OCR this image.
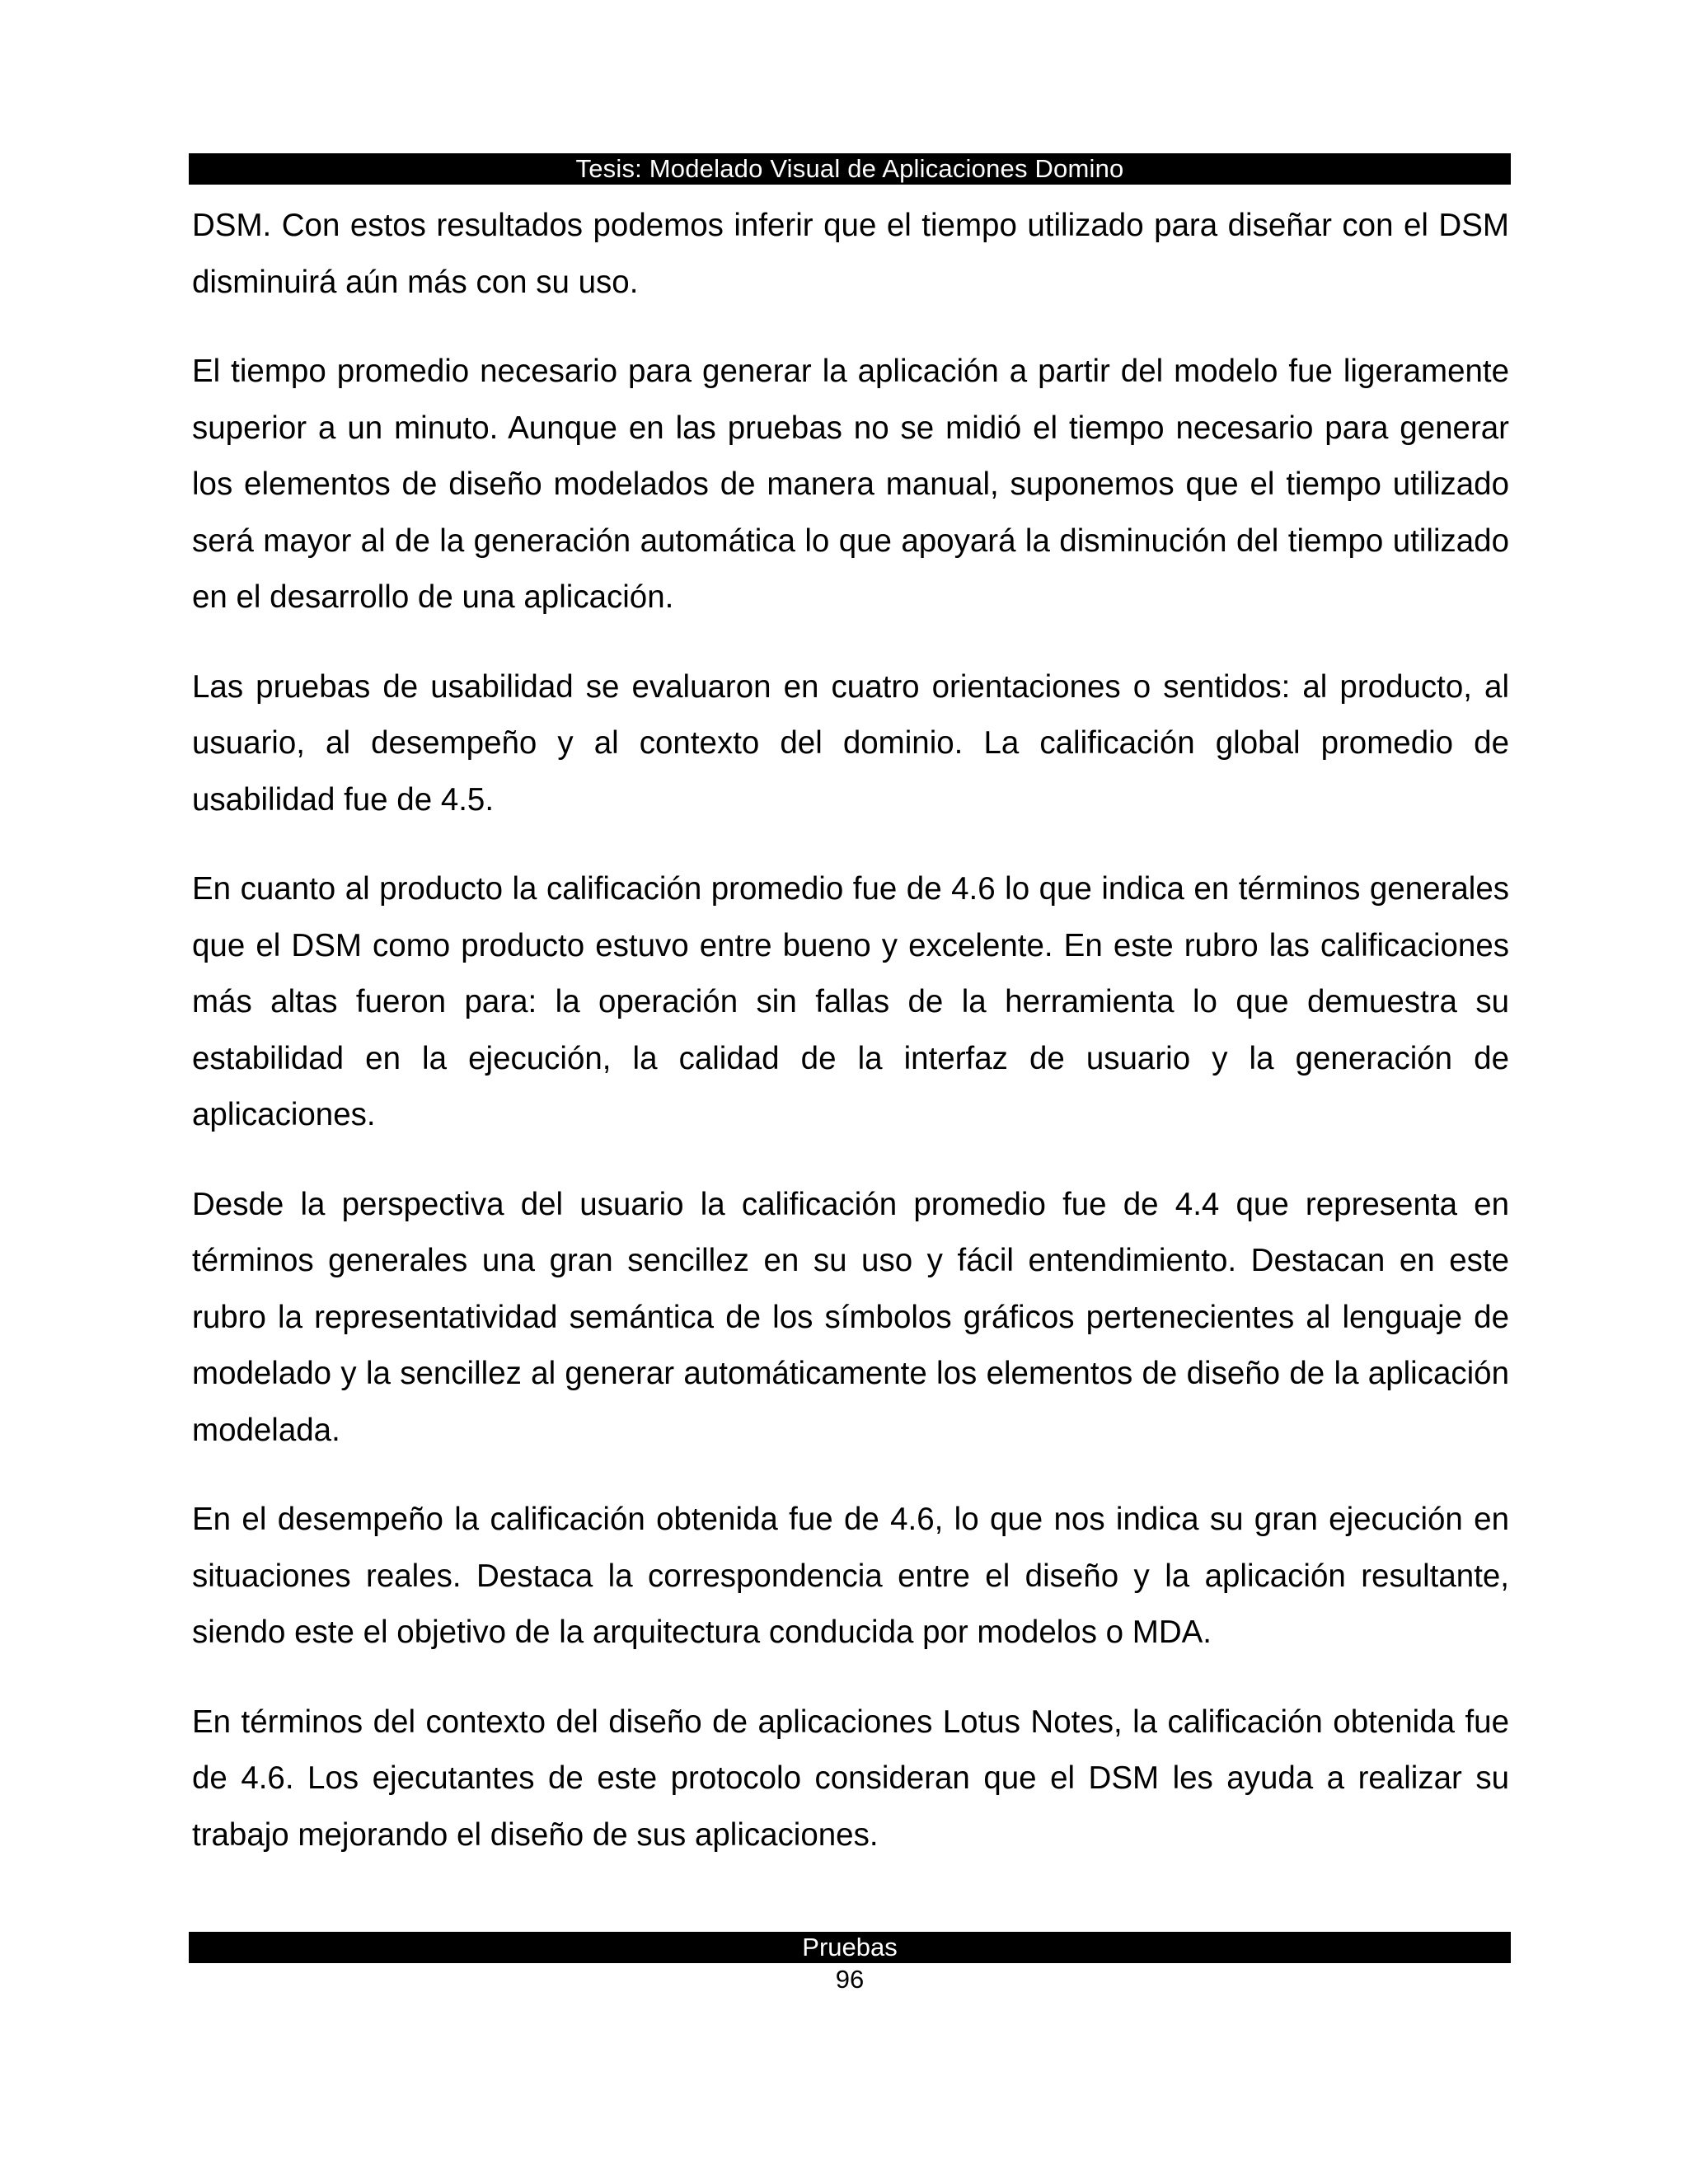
Tesis: Modelado Visual de Aplicaciones Domino

DSM. Con estos resultados podemos inferir que el tiempo utilizado para diseñar con el DSM disminuirá aún más con su uso.

El tiempo promedio necesario para generar la aplicación a partir del modelo fue ligeramente superior a un minuto. Aunque en las pruebas no se midió el tiempo necesario para generar los elementos de diseño modelados de manera manual, suponemos que el tiempo utilizado será mayor al de la generación automática lo que apoyará la disminución del tiempo utilizado en el desarrollo de una aplicación.

Las pruebas de usabilidad se evaluaron en cuatro orientaciones o sentidos: al producto, al usuario, al desempeño y al contexto del dominio. La calificación global promedio de usabilidad fue de 4.5.

En cuanto al producto la calificación promedio fue de 4.6 lo que indica en términos generales que el DSM como producto estuvo entre bueno y excelente. En este rubro las calificaciones más altas fueron para: la operación sin fallas de la herramienta lo que demuestra su estabilidad en la ejecución, la calidad de la interfaz de usuario y la generación de aplicaciones.

Desde la perspectiva del usuario la calificación promedio fue de 4.4 que representa en términos generales una gran sencillez en su uso y fácil entendimiento. Destacan en este rubro la representatividad semántica de los símbolos gráficos pertenecientes al lenguaje de modelado y la sencillez al generar automáticamente los elementos de diseño de la aplicación modelada.

En el desempeño la calificación obtenida fue de 4.6, lo que nos indica su gran ejecución en situaciones reales. Destaca la correspondencia entre el diseño y la aplicación resultante, siendo este el objetivo de la arquitectura conducida por modelos o MDA.

En términos del contexto del diseño de aplicaciones Lotus Notes, la calificación obtenida fue de 4.6. Los ejecutantes de este protocolo consideran que el DSM les ayuda a realizar su trabajo mejorando el diseño de sus aplicaciones.

Pruebas
96
